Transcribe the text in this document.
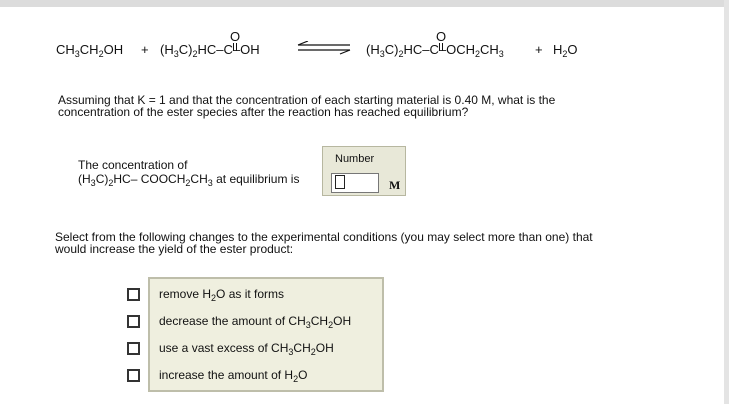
$CH_3CH_2OH + (H_3C)_2HC-C-OH$
O
$(H_3C)_2HC-C-OCH_2CH_3$
O
+ $H_2O$
Assuming that K = 1 and that the concentration of each starting material is 0.40 M, what is the
concentration of the ester species after the reaction has reached equilibrium?
The concentration of
$(H_3C)_2HC-$ $COOCH_2CH_3$ at equilibrium is
Number
M
Select from the following changes to the experimental conditions (you may select more than one) that
would increase the yield of the ester product:
remove $H_2O$ as it forms
decrease the amount of $CH_3CH_2OH$
use a vast excess of $CH_3CH_2OH$
increase the amount of $H_2O$
